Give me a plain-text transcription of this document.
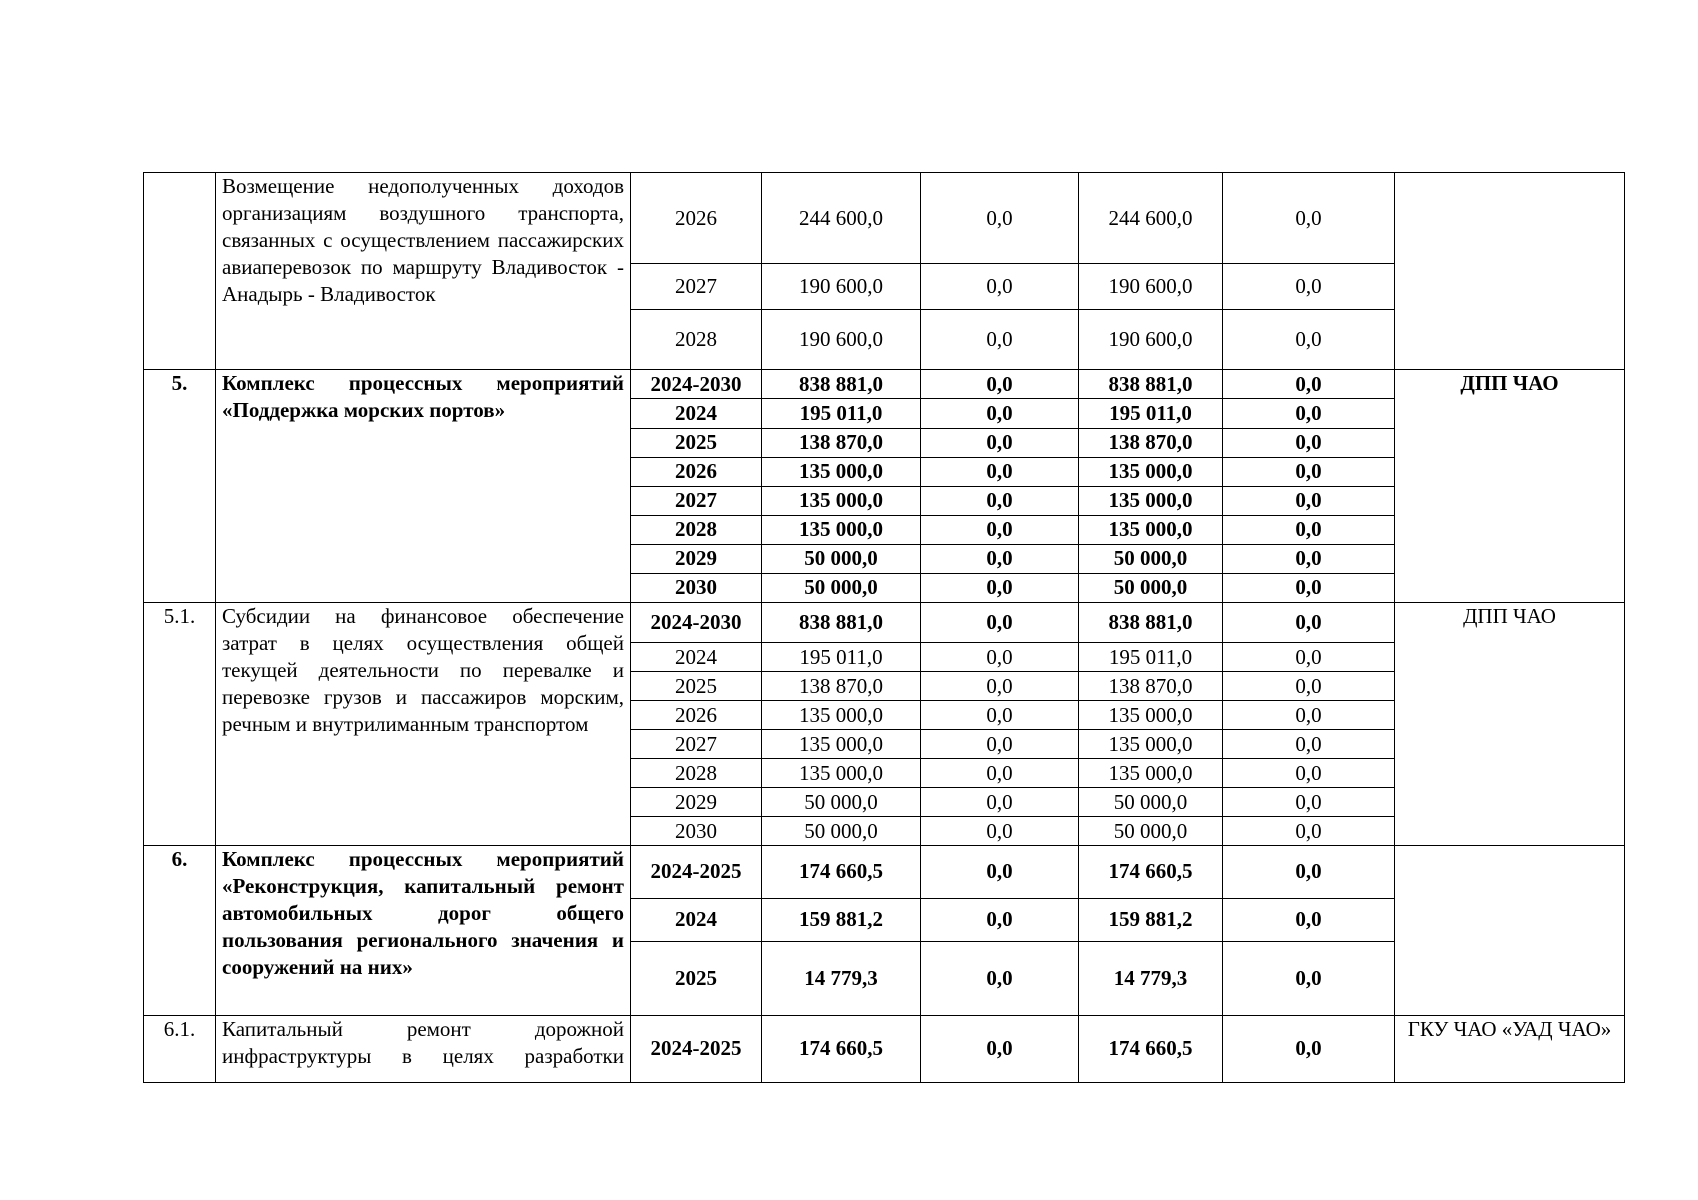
	Возмещение недополученных доходов организациям воздушного транспорта, связанных с осуществлением пассажирских авиаперевозок по маршруту Владивосток - Анадырь - Владивосток	2026	244 600,0	0,0	244 600,0	0,0	
		2027	190 600,0	0,0	190 600,0	0,0	
		2028	190 600,0	0,0	190 600,0	0,0	
5.	Комплекс процессных мероприятий «Поддержка морских портов»	2024-2030	838 881,0	0,0	838 881,0	0,0	ДПП ЧАО
		2024	195 011,0	0,0	195 011,0	0,0	
		2025	138 870,0	0,0	138 870,0	0,0	
		2026	135 000,0	0,0	135 000,0	0,0	
		2027	135 000,0	0,0	135 000,0	0,0	
		2028	135 000,0	0,0	135 000,0	0,0	
		2029	50 000,0	0,0	50 000,0	0,0	
		2030	50 000,0	0,0	50 000,0	0,0	
5.1.	Субсидии на финансовое обеспечение затрат в целях осуществления общей текущей деятельности по перевалке и перевозке грузов и пассажиров морским, речным и внутрилиманным транспортом	2024-2030	838 881,0	0,0	838 881,0	0,0	ДПП ЧАО
		2024	195 011,0	0,0	195 011,0	0,0	
		2025	138 870,0	0,0	138 870,0	0,0	
		2026	135 000,0	0,0	135 000,0	0,0	
		2027	135 000,0	0,0	135 000,0	0,0	
		2028	135 000,0	0,0	135 000,0	0,0	
		2029	50 000,0	0,0	50 000,0	0,0	
		2030	50 000,0	0,0	50 000,0	0,0	
6.	Комплекс процессных мероприятий «Реконструкция, капитальный ремонт автомобильных дорог общего пользования регионального значения и сооружений на них»	2024-2025	174 660,5	0,0	174 660,5	0,0	
		2024	159 881,2	0,0	159 881,2	0,0	
		2025	14 779,3	0,0	14 779,3	0,0	
6.1.	Капитальный ремонт дорожной инфраструктуры в целях разработки	2024-2025	174 660,5	0,0	174 660,5	0,0	ГКУ ЧАО «УАД ЧАО»
